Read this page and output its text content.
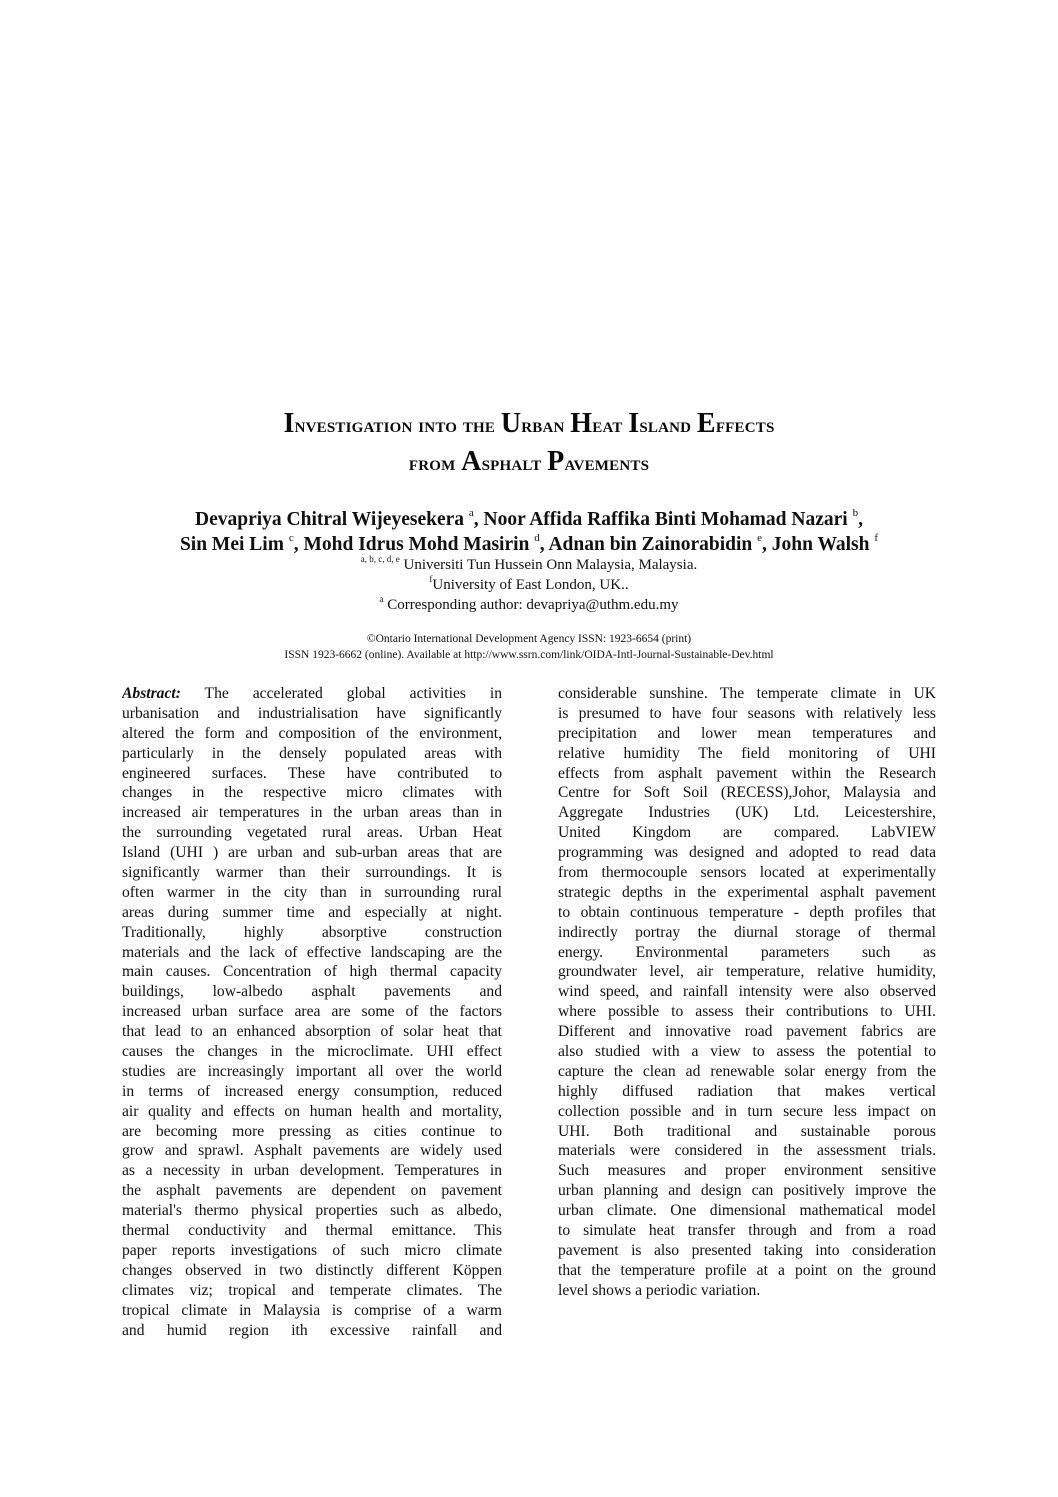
Investigation into the Urban Heat Island Effects
from Asphalt Pavements
Devapriya Chitral Wijeyesekera $^a$, Noor Affida Raffika Binti Mohamad Nazari $^b$,
Sin Mei Lim $^c$, Mohd Idrus Mohd Masirin $^d$, Adnan bin Zainorabidin $^e$, John Walsh $^f$
$^{a, b, c, d, e}$ Universiti Tun Hussein Onn Malaysia, Malaysia.
$^f$University of East London, UK..
$^a$ Corresponding author: devapriya@uthm.edu.my
©Ontario International Development Agency ISSN: 1923-6654 (print)
ISSN 1923-6662 (online). Available at http://www.ssrn.com/link/OIDA-Intl-Journal-Sustainable-Dev.html
Abstract: The accelerated global activities in
urbanisation and industrialisation have significantly
altered the form and composition of the environment,
particularly in the densely populated areas with
engineered surfaces. These have contributed to
changes in the respective micro climates with
increased air temperatures in the urban areas than in
the surrounding vegetated rural areas. Urban Heat
Island (UHI ) are urban and sub-urban areas that are
significantly warmer than their surroundings. It is
often warmer in the city than in surrounding rural
areas during summer time and especially at night.
Traditionally, highly absorptive construction
materials and the lack of effective landscaping are the
main causes. Concentration of high thermal capacity
buildings, low-albedo asphalt pavements and
increased urban surface area are some of the factors
that lead to an enhanced absorption of solar heat that
causes the changes in the microclimate. UHI effect
studies are increasingly important all over the world
in terms of increased energy consumption, reduced
air quality and effects on human health and mortality,
are becoming more pressing as cities continue to
grow and sprawl. Asphalt pavements are widely used
as a necessity in urban development. Temperatures in
the asphalt pavements are dependent on pavement
material's thermo physical properties such as albedo,
thermal conductivity and thermal emittance. This
paper reports investigations of such micro climate
changes observed in two distinctly different Köppen
climates viz; tropical and temperate climates. The
tropical climate in Malaysia is comprise of a warm
and humid region ith excessive rainfall and
considerable sunshine. The temperate climate in UK
is presumed to have four seasons with relatively less
precipitation and lower mean temperatures and
relative humidity The field monitoring of UHI
effects from asphalt pavement within the Research
Centre for Soft Soil (RECESS),Johor, Malaysia and
Aggregate Industries (UK) Ltd. Leicestershire,
United Kingdom are compared. LabVIEW
programming was designed and adopted to read data
from thermocouple sensors located at experimentally
strategic depths in the experimental asphalt pavement
to obtain continuous temperature - depth profiles that
indirectly portray the diurnal storage of thermal
energy. Environmental parameters such as
groundwater level, air temperature, relative humidity,
wind speed, and rainfall intensity were also observed
where possible to assess their contributions to UHI.
Different and innovative road pavement fabrics are
also studied with a view to assess the potential to
capture the clean ad renewable solar energy from the
highly diffused radiation that makes vertical
collection possible and in turn secure less impact on
UHI. Both traditional and sustainable porous
materials were considered in the assessment trials.
Such measures and proper environment sensitive
urban planning and design can positively improve the
urban climate. One dimensional mathematical model
to simulate heat transfer through and from a road
pavement is also presented taking into consideration
that the temperature profile at a point on the ground
level shows a periodic variation.
